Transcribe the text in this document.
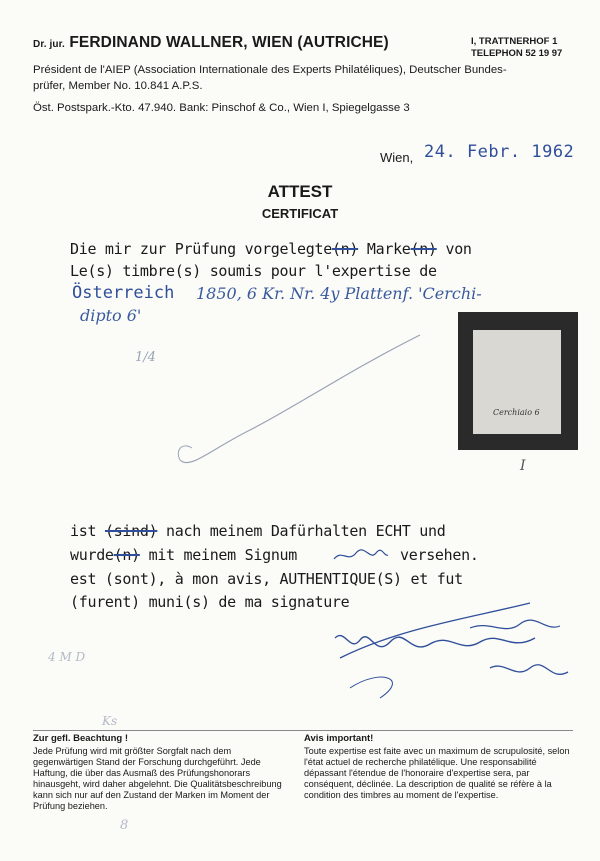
Dr. jur. FERDINAND WALLNER, WIEN (AUTRICHE)	I, TRATTNERHOF 1
TELEPHON 52 19 97
Président de l'AIEP (Association Internationale des Experts Philatéliques), Deutscher Bundes-
prüfer, Member No. 10.841 A.P.S.
Öst. Postspark.-Kto. 47.940. Bank: Pinschof & Co., Wien I, Spiegelgasse 3
Wien, 24. Febr. 1962
ATTEST
CERTIFICAT
Die mir zur Prüfung vorgelegte(n) Marke(n) von
Le(s) timbre(s) soumis pour l'expertise de
Österreich 1850, 6 Kr. Nr. 4y Plattenf. 'Cerchi-
dipto 6'
1/4
Cerchiaio 6
I
ist (sind) nach meinem Dafürhalten ECHT und
wurde(n) mit meinem Signum	versehen.
est (sont), à mon avis, AUTHENTIQUE(S) et fut
(furent) muni(s) de ma signature
4 M D
Ks
Zur gefl. Beachtung !
Jede Prüfung wird mit größter Sorgfalt nach dem gegenwärtigen Stand der Forschung durchgeführt. Jede Haftung, die über das Ausmaß des Prüfungshonorars hinausgeht, wird daher abgelehnt. Die Qualitätsbeschreibung kann sich nur auf den Zustand der Marken im Moment der Prüfung beziehen.
Avis important!
Toute expertise est faite avec un maximum de scrupulosité, selon l'état actuel de recherche philatélique. Une responsabilité dépassant l'étendue de l'honoraire d'expertise sera, par conséquent, déclinée. La description de qualité se réfère à la condition des timbres au moment de l'expertise.
8
